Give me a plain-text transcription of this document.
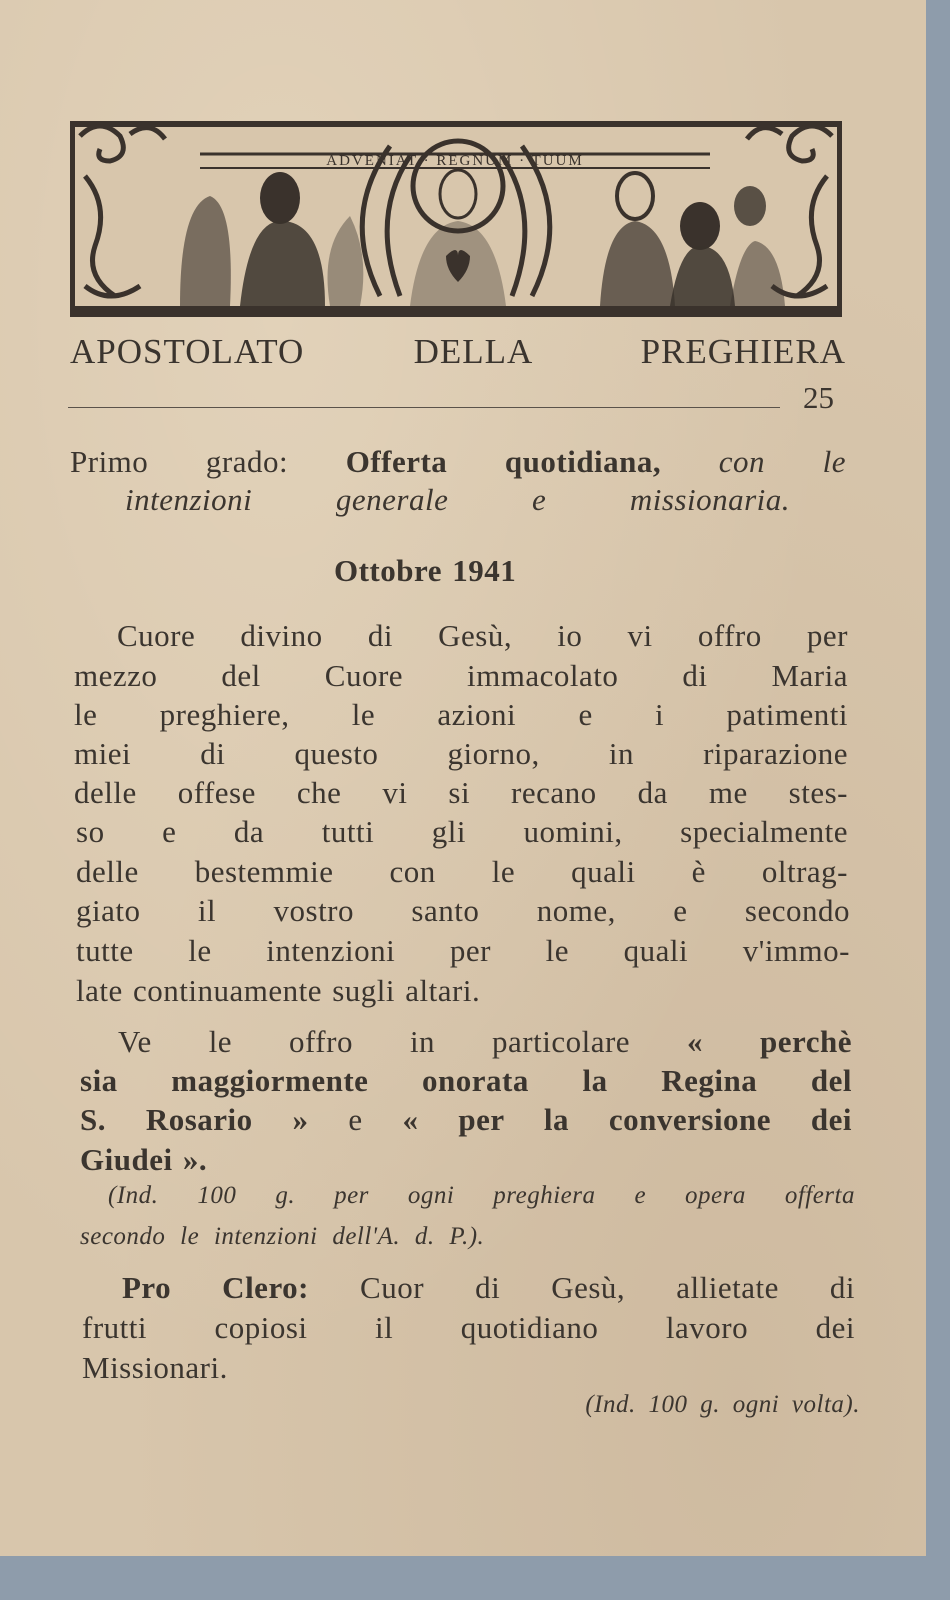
ADVENIAT · REGNUM · TUUM
APOSTOLATO DELLA PREGHIERA
25
Primo grado: Offerta quotidiana, con le
intenzioni generale e missionaria.
Ottobre 1941
Cuore divino di Gesù, io vi offro per
mezzo del Cuore immacolato di Maria
le preghiere, le azioni e i patimenti
miei di questo giorno, in riparazione
delle offese che vi si recano da me stes-
so e da tutti gli uomini, specialmente
delle bestemmie con le quali è oltrag-
giato il vostro santo nome, e secondo
tutte le intenzioni per le quali v'immo-
late continuamente sugli altari.
Ve le offro in particolare « perchè
sia maggiormente onorata la Regina del
S. Rosario » e « per la conversione dei
Giudei ».
(Ind. 100 g. per ogni preghiera e opera offerta
secondo le intenzioni dell'A. d. P.).
Pro Clero: Cuor di Gesù, allietate di
frutti copiosi il quotidiano lavoro dei
Missionari.
(Ind. 100 g. ogni volta).
